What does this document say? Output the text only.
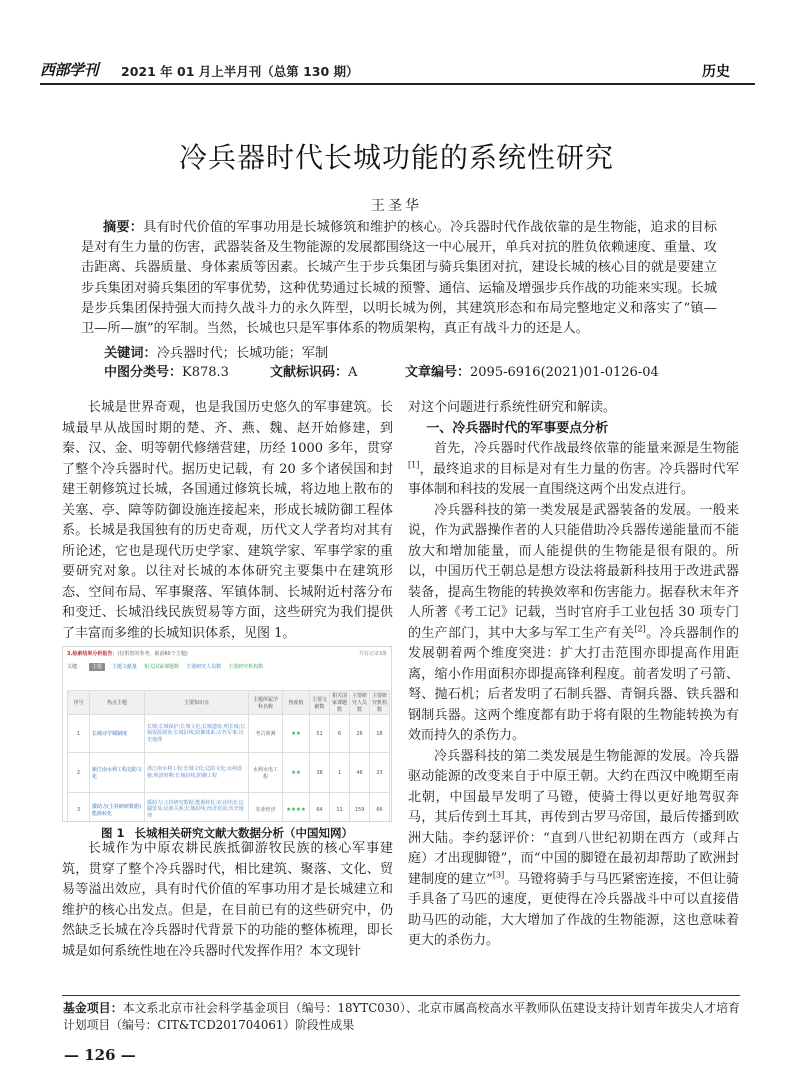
西部学刊 2021 年 01 月上半月刊（总第 130 期）	历史
冷兵器时代长城功能的系统性研究
王圣华
摘要：具有时代价值的军事功用是长城修筑和维护的核心。冷兵器时代作战依靠的是生物能，追求的目标是对有生力量的伤害，武器装备及生物能源的发展都围绕这一中心展开，单兵对抗的胜负依赖速度、重量、攻击距离、兵器质量、身体素质等因素。长城产生于步兵集团与骑兵集团对抗，建设长城的核心目的就是要建立步兵集团对骑兵集团的军事优势，这种优势通过长城的预警、通信、运输及增强步兵作战的功能来实现。长城是步兵集团保持强大而持久战斗力的永久阵型，以明长城为例，其建筑形态和布局完整地定义和落实了“镇—卫—所—旗”的军制。当然，长城也只是军事体系的物质架构，真正有战斗力的还是人。
关键词：冷兵器时代；长城功能；军制
中图分类号：K878.3	文献标识码：A	文章编号：2095-6916(2021)01-0126-04

长城是世界奇观，也是我国历史悠久的军事建筑。长城最早从战国时期的楚、齐、燕、魏、赵开始修建，到秦、汉、金、明等朝代修缮营建，历经 1000 多年，贯穿了整个冷兵器时代。据历史记载，有 20 多个诸侯国和封建王朝修筑过长城，各国通过修筑长城，将边地上散布的关塞、亭、障等防御设施连接起来，形成长城防御工程体系。长城是我国独有的历史奇观，历代文人学者均对其有所论述，它也是现代历史学家、建筑学家、军事学家的重要研究对象。以往对长城的本体研究主要集中在建筑形态、空间布局、军事聚落、军镇体制、长城附近村落分布和变迁、长城沿线民族贸易等方面，这些研究为我们提供了丰富而多维的长城知识体系，见图 1。

3.检索结果分析报告：(仅供您的参考，取前60个主题)	共有记录3条
关键： 主题 主题文献量 相关国家课题数 主要研究人员数 主要研究机构数
序号	热点主题	主要知识点	主题所属学科名称	热度值	主要文献数	相关国家课题数	主要研究人员数	主要研究机构数
1	长城诗学城制度	长城;长城保护;长城文化;长城遗址;明长城;长城资源调查;长城沿线;防御体系;古代军事;历史地理	考古预测	★★	51	6	26	18
2	新江南水利工程边防文化	浙江南水利工程;长城文化;边防文化;水利设施;明清时期;长城沿线;防御工程	水利水电工程	★★	38	1	46	23
3	援助力(主持研研数据)能源转化	援助力;主持研究数据;能源转化;农业经济;边疆贸易;民族关系;长城沿线;经济发展;历史地理	农业经济	★★★★	64	11	159	66
图 1 长城相关研究文献大数据分析（中国知网）

长城作为中原农耕民族抵御游牧民族的核心军事建筑，贯穿了整个冷兵器时代，相比建筑、聚落、文化、贸易等溢出效应，具有时代价值的军事功用才是长城建立和维护的核心出发点。但是，在目前已有的这些研究中，仍然缺乏长城在冷兵器时代背景下的功能的整体梳理，即长城是如何系统性地在冷兵器时代发挥作用？本文现针

对这个问题进行系统性研究和解读。

一、冷兵器时代的军事要点分析

首先，冷兵器时代作战最终依靠的能量来源是生物能[1]，最终追求的目标是对有生力量的伤害。冷兵器时代军事体制和科技的发展一直围绕这两个出发点进行。

冷兵器科技的第一类发展是武器装备的发展。一般来说，作为武器操作者的人只能借助冷兵器传递能量而不能放大和增加能量，而人能提供的生物能是很有限的。所以，中国历代王朝总是想方设法将最新科技用于改进武器装备，提高生物能的转换效率和伤害能力。据春秋末年齐人所著《考工记》记载，当时官府手工业包括 30 项专门的生产部门，其中大多与军工生产有关[2]。冷兵器制作的发展朝着两个维度突进：扩大打击范围亦即提高作用距离，缩小作用面积亦即提高锋利程度。前者发明了弓箭、弩、抛石机；后者发明了石制兵器、青铜兵器、铁兵器和钢制兵器。这两个维度都有助于将有限的生物能转换为有效而持久的杀伤力。

冷兵器科技的第二类发展是生物能源的发展。冷兵器驱动能源的改变来自于中原王朝。大约在西汉中晚期至南北朝，中国最早发明了马镫，使骑士得以更好地驾驭奔马，其后传到土耳其，再传到古罗马帝国，最后传播到欧洲大陆。李约瑟评价：“直到八世纪初期在西方（或拜占庭）才出现脚镫”，而“中国的脚镫在最初却帮助了欧洲封建制度的建立”[3]。马镫将骑手与马匹紧密连接，不但让骑手具备了马匹的速度，更使得在冷兵器战斗中可以直接借助马匹的动能，大大增加了作战的生物能源，这也意味着更大的杀伤力。

基金项目：本文系北京市社会科学基金项目（编号：18YTC030）、北京市属高校高水平教师队伍建设支持计划青年拔尖人才培育计划项目（编号：CIT&TCD201704061）阶段性成果
— 126 —
